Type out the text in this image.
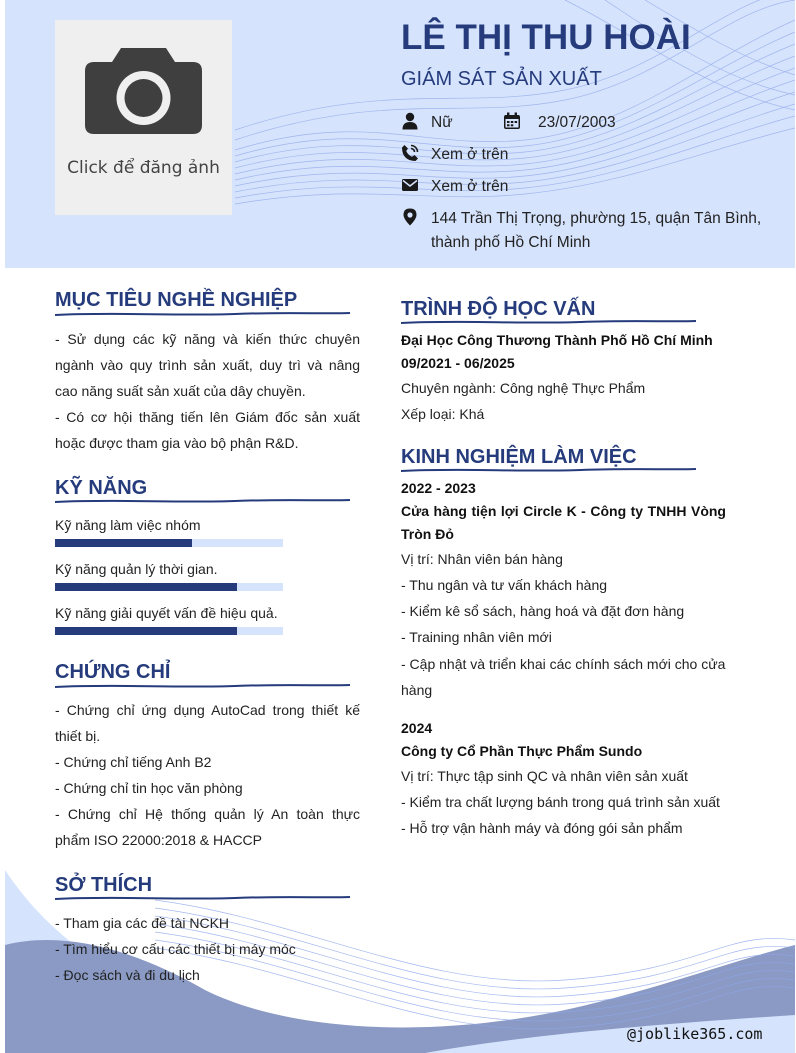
Click để đăng ảnh
LÊ THỊ THU HOÀI
GIÁM SÁT SẢN XUẤT
Nữ	23/07/2003
Xem ở trên
Xem ở trên
144 Trần Thị Trọng, phường 15, quận Tân Bình, thành phố Hồ Chí Minh
MỤC TIÊU NGHỀ NGHIỆP

- Sử dụng các kỹ năng và kiến thức chuyên ngành vào quy trình sản xuất, duy trì và nâng cao năng suất sản xuất của dây chuyền.

- Có cơ hội thăng tiến lên Giám đốc sản xuất hoặc được tham gia vào bộ phận R&D.

KỸ NĂNG
Kỹ năng làm việc nhóm
Kỹ năng quản lý thời gian.
Kỹ năng giải quyết vấn đề hiệu quả.
CHỨNG CHỈ

- Chứng chỉ ứng dụng AutoCad trong thiết kế thiết bị.

- Chứng chỉ tiếng Anh B2

- Chứng chỉ tin học văn phòng

- Chứng chỉ Hệ thống quản lý An toàn thực phẩm ISO 22000:2018 & HACCP

SỞ THÍCH

- Tham gia các đề tài NCKH

- Tìm hiểu cơ cấu các thiết bị máy móc

- Đọc sách và đi du lịch

TRÌNH ĐỘ HỌC VẤN
Đại Học Công Thương Thành Phố Hồ Chí Minh
09/2021 - 06/2025
Chuyên ngành: Công nghệ Thực Phẩm
Xếp loại: Khá
KINH NGHIỆM LÀM VIỆC
2022 - 2023
Cửa hàng tiện lợi Circle K - Công ty TNHH Vòng Tròn Đỏ
Vị trí: Nhân viên bán hàng
- Thu ngân và tư vấn khách hàng
- Kiểm kê sổ sách, hàng hoá và đặt đơn hàng
- Training nhân viên mới
- Cập nhật và triển khai các chính sách mới cho cửa hàng
2024
Công ty Cổ Phần Thực Phẩm Sundo
Vị trí: Thực tập sinh QC và nhân viên sản xuất
- Kiểm tra chất lượng bánh trong quá trình sản xuất
- Hỗ trợ vận hành máy và đóng gói sản phẩm
@joblike365.com
